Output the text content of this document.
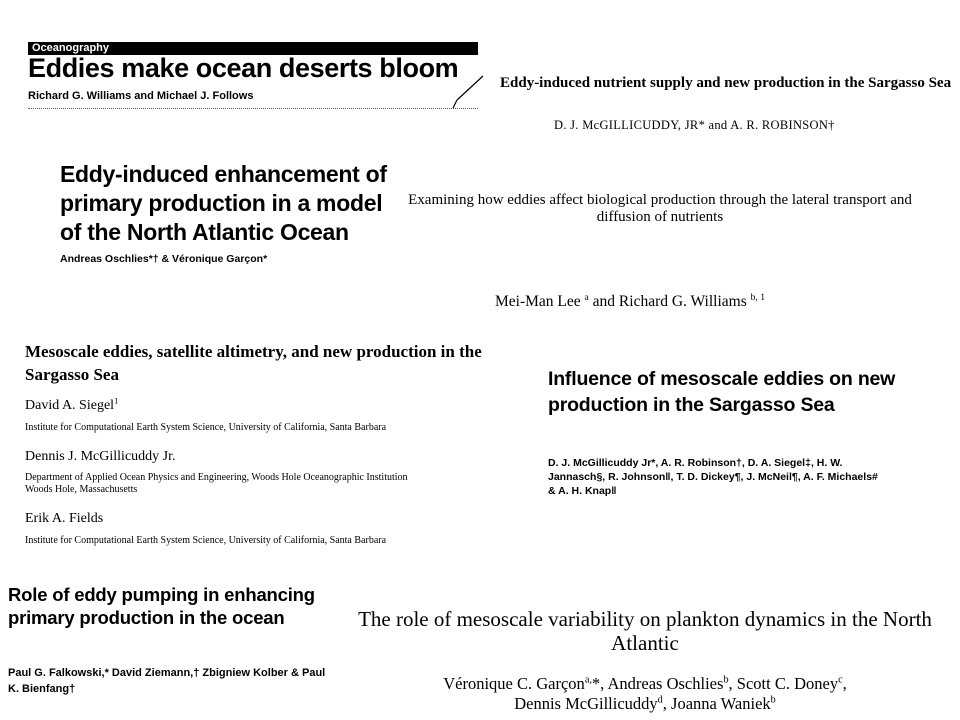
Oceanography
Eddies make ocean deserts bloom
Richard G. Williams and Michael J. Follows
Eddy-induced nutrient supply and new production in the Sargasso Sea
D. J. McGILLICUDDY, JR* and A. R. ROBINSON†
Eddy-induced enhancement of primary production in a model of the North Atlantic Ocean
Andreas Oschlies*† & Véronique Garçon*
Examining how eddies affect biological production through the lateral transport and diffusion of nutrients
Mei-Man Lee $^a$ and Richard G. Williams $^{b, 1}$
Mesoscale eddies, satellite altimetry, and new production in the Sargasso Sea
David A. Siegel$^1$
Institute for Computational Earth System Science, University of California, Santa Barbara
Dennis J. McGillicuddy Jr.
Department of Applied Ocean Physics and Engineering, Woods Hole Oceanographic Institution
Woods Hole, Massachusetts
Erik A. Fields
Institute for Computational Earth System Science, University of California, Santa Barbara
Influence of mesoscale eddies on new production in the Sargasso Sea
D. J. McGillicuddy Jr*, A. R. Robinson†, D. A. Siegel‡, H. W. Jannasch§, R. Johnson‖, T. D. Dickey¶, J. McNeil¶, A. F. Michaels# & A. H. Knap‖
Role of eddy pumping in enhancing primary production in the ocean
Paul G. Falkowski,* David Ziemann,† Zbigniew Kolber & Paul K. Bienfang†
The role of mesoscale variability on plankton dynamics in the North Atlantic
Véronique C. Garçon$^{a,}$*, Andreas Oschlies$^b$, Scott C. Doney$^c$,
Dennis McGillicuddy$^d$, Joanna Waniek$^b$
